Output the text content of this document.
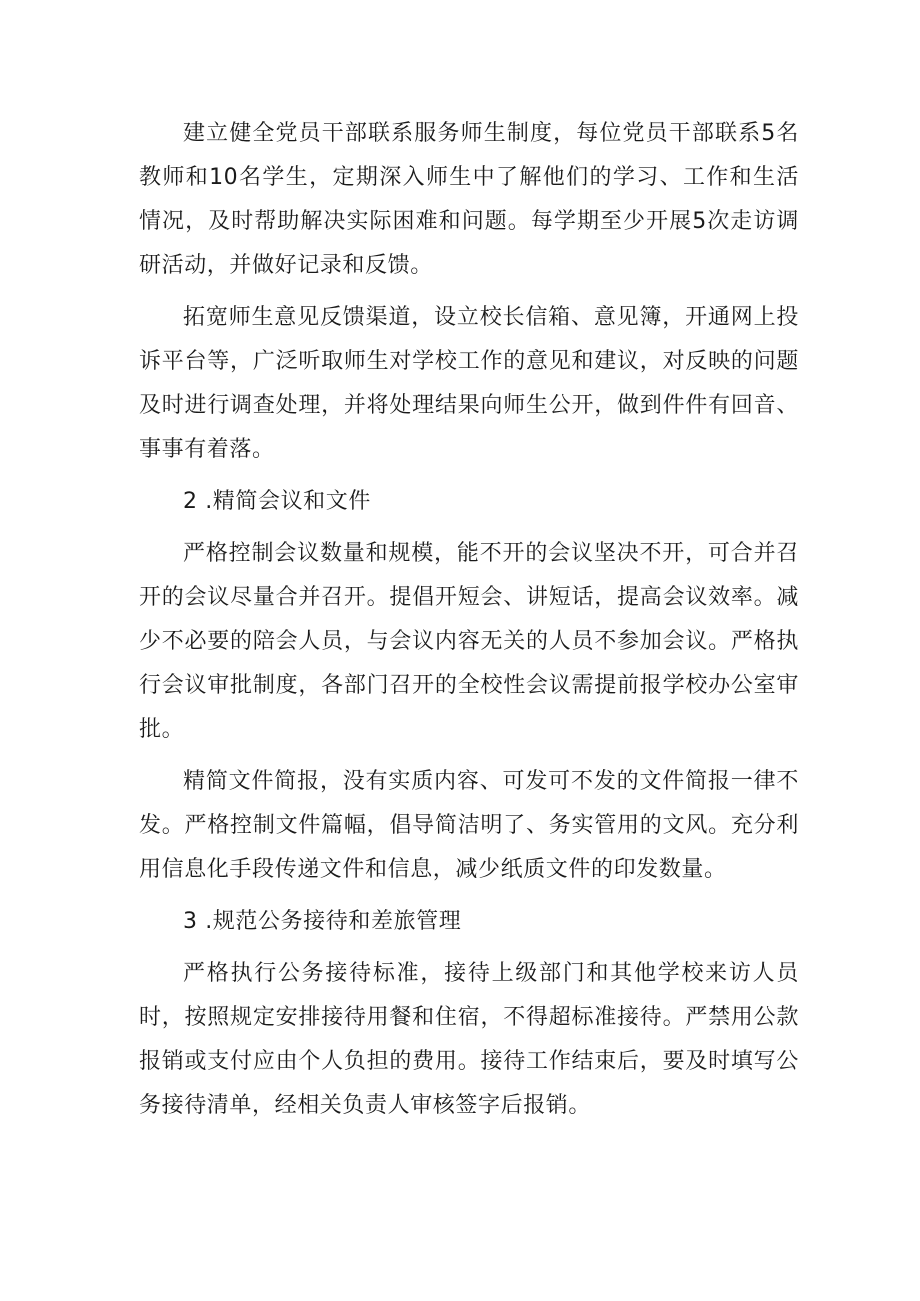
建立健全党员干部联系服务师生制度，每位党员干部联系5名教师和10名学生，定期深入师生中了解他们的学习、工作和生活情况，及时帮助解决实际困难和问题。每学期至少开展5次走访调研活动，并做好记录和反馈。

拓宽师生意见反馈渠道，设立校长信箱、意见簿，开通网上投诉平台等，广泛听取师生对学校工作的意见和建议，对反映的问题及时进行调查处理，并将处理结果向师生公开，做到件件有回音、事事有着落。

2 .精简会议和文件

严格控制会议数量和规模，能不开的会议坚决不开，可合并召开的会议尽量合并召开。提倡开短会、讲短话，提高会议效率。减少不必要的陪会人员，与会议内容无关的人员不参加会议。严格执行会议审批制度，各部门召开的全校性会议需提前报学校办公室审批。

精简文件简报，没有实质内容、可发可不发的文件简报一律不发。严格控制文件篇幅，倡导简洁明了、务实管用的文风。充分利用信息化手段传递文件和信息，减少纸质文件的印发数量。

3 .规范公务接待和差旅管理

严格执行公务接待标准，接待上级部门和其他学校来访人员时，按照规定安排接待用餐和住宿，不得超标准接待。严禁用公款报销或支付应由个人负担的费用。接待工作结束后，要及时填写公务接待清单，经相关负责人审核签字后报销。
